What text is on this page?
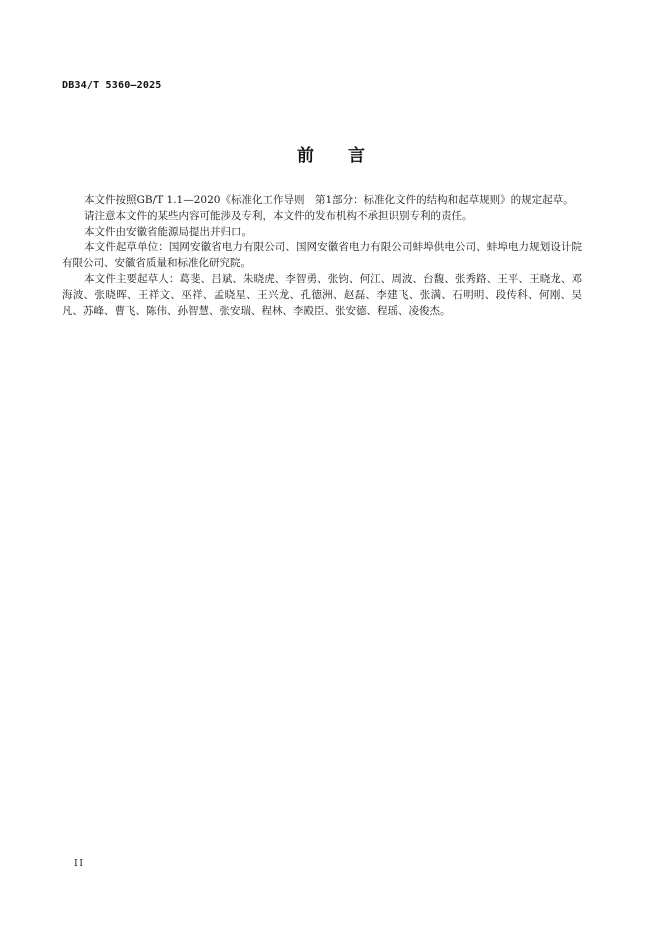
DB34/T 5360—2025
前　　言

本文件按照GB/T 1.1—2020《标准化工作导则　第1部分：标准化文件的结构和起草规则》的规定起草。

请注意本文件的某些内容可能涉及专利，本文件的发布机构不承担识别专利的责任。

本文件由安徽省能源局提出并归口。

本文件起草单位：国网安徽省电力有限公司、国网安徽省电力有限公司蚌埠供电公司、蚌埠电力规划设计院有限公司、安徽省质量和标准化研究院。

本文件主要起草人：葛斐、吕斌、朱晓虎、李智勇、张钧、何江、周波、台馥、张秀路、王平、王晓龙、邓海波、张晓晖、王祥文、巫祥、孟晓星、王兴龙、孔德洲、赵磊、李建飞、张满、石明明、段传科、何刚、吴凡、苏峰、曹飞、陈伟、孙智慧、张安瑞、程林、李殿臣、张安德、程瑶、凌俊杰。

II
